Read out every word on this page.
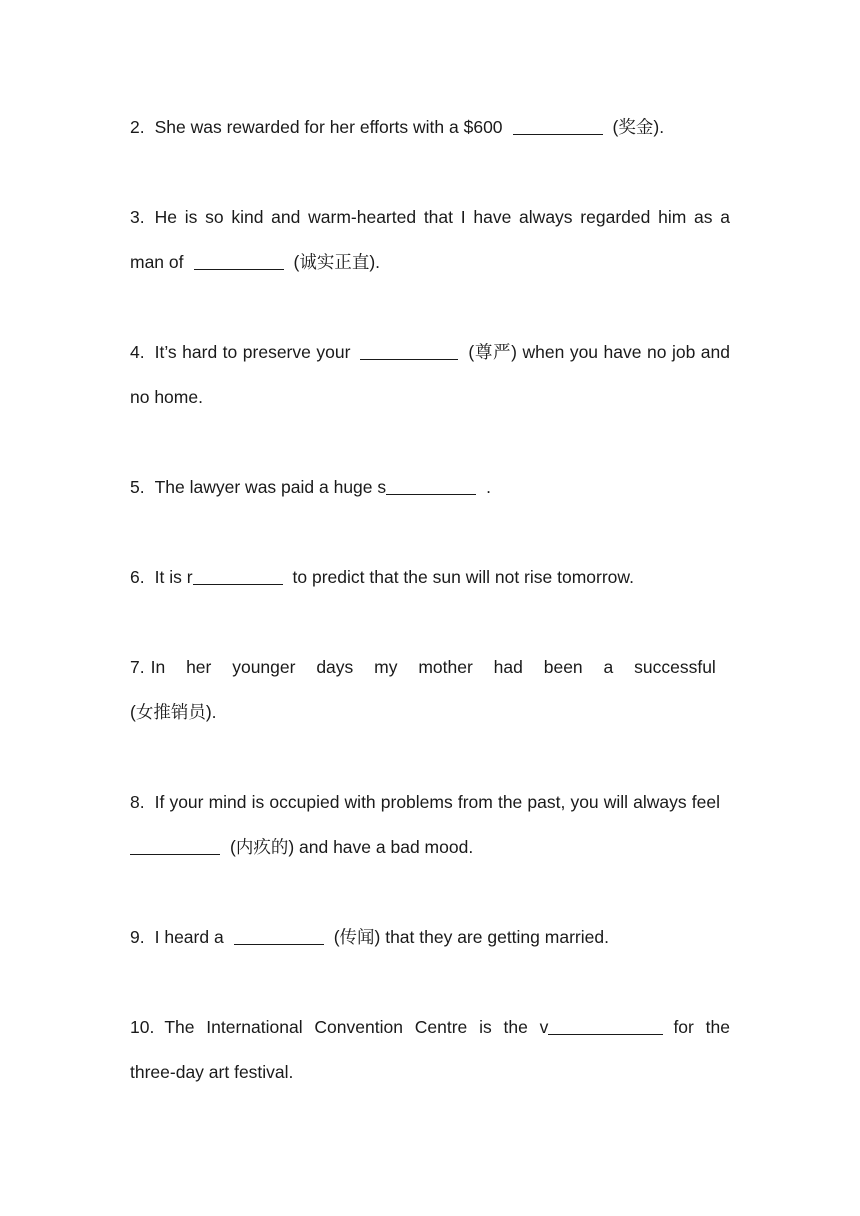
2. She was rewarded for her efforts with a $600	(奖金).

3. He is so kind and warm-hearted that I have always regarded him as a man of	(诚实正直).

4. It’s hard to preserve your	(尊严) when you have no job and no home.

5. The lawyer was paid a huge s	.

6. It is r	to predict that the sun will not rise tomorrow.

7. In her younger days my mother had been a successful
(女推销员).

8. If your mind is occupied with problems from the past, you will always feel(内疚的) and have a bad mood.

9. I heard a	(传闻) that they are getting married.

10. The International Convention Centre is the v	for the three-day art festival.
